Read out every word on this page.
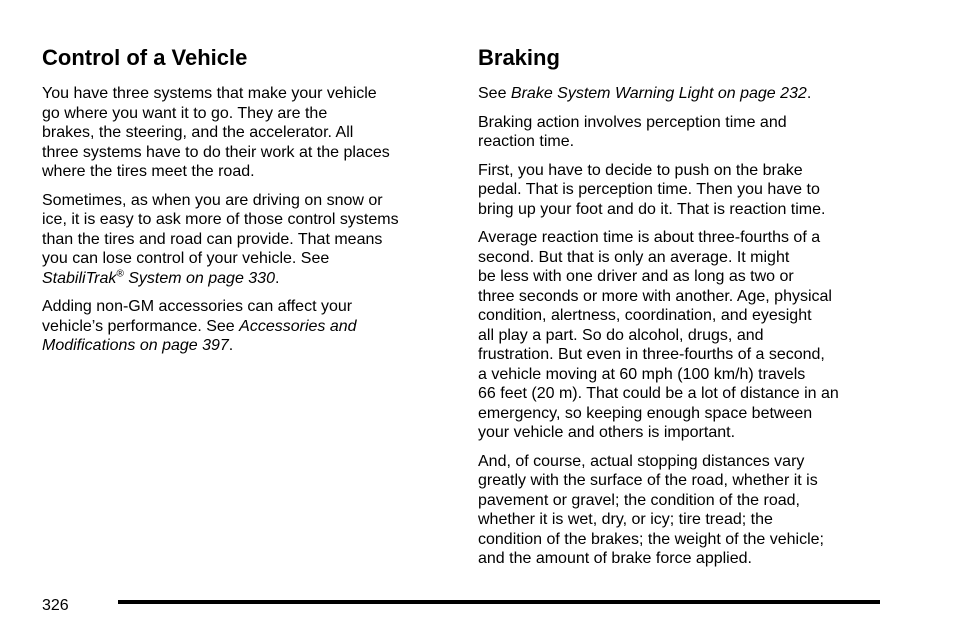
Control of a Vehicle

You have three systems that make your vehicle
go where you want it to go. They are the
brakes, the steering, and the accelerator. All
three systems have to do their work at the places
where the tires meet the road.

Sometimes, as when you are driving on snow or
ice, it is easy to ask more of those control systems
than the tires and road can provide. That means
you can lose control of your vehicle. See
StabiliTrak® System on page 330.

Adding non-GM accessories can affect your
vehicle’s performance. See Accessories and
Modifications on page 397.

Braking

See Brake System Warning Light on page 232.

Braking action involves perception time and
reaction time.

First, you have to decide to push on the brake
pedal. That is perception time. Then you have to
bring up your foot and do it. That is reaction time.

Average reaction time is about three-fourths of a
second. But that is only an average. It might
be less with one driver and as long as two or
three seconds or more with another. Age, physical
condition, alertness, coordination, and eyesight
all play a part. So do alcohol, drugs, and
frustration. But even in three-fourths of a second,
a vehicle moving at 60 mph (100 km/h) travels
66 feet (20 m). That could be a lot of distance in an
emergency, so keeping enough space between
your vehicle and others is important.

And, of course, actual stopping distances vary
greatly with the surface of the road, whether it is
pavement or gravel; the condition of the road,
whether it is wet, dry, or icy; tire tread; the
condition of the brakes; the weight of the vehicle;
and the amount of brake force applied.

326
